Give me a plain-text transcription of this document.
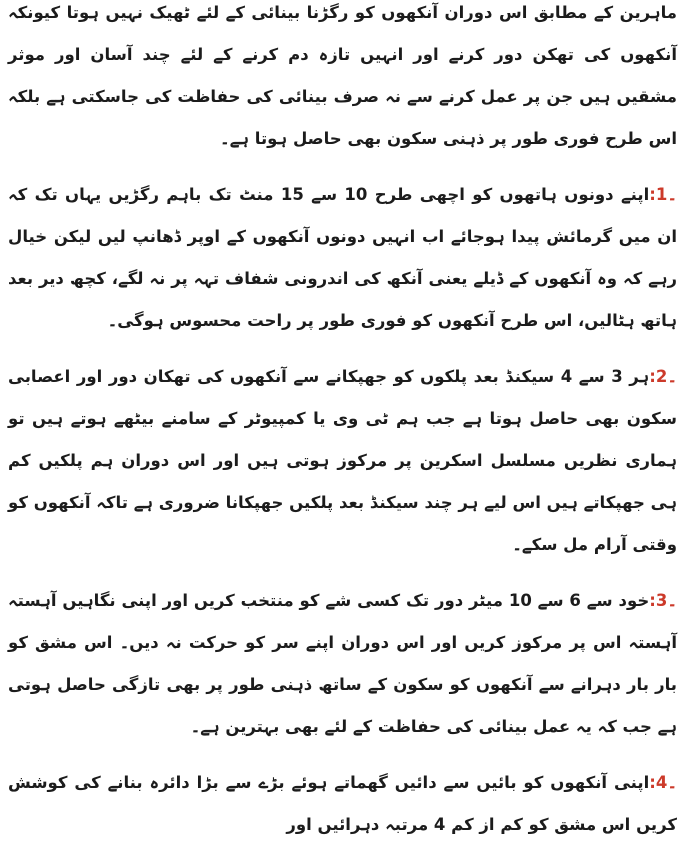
ماہرین کے مطابق اس دوران آنکھوں کو رگڑنا بینائی کے لئے ٹھیک نہیں ہوتا کیونکہ آنکھوں کی تھکن دور کرنے اور انہیں تازہ دم کرنے کے لئے چند آسان اور موثر مشقیں ہیں جن پر عمل کرنے سے نہ صرف بینائی کی حفاظت کی جاسکتی ہے بلکہ اس طرح فوری طور پر ذہنی سکون بھی حاصل ہوتا ہے۔

۔1:اپنے دونوں ہاتھوں کو اچھی طرح 10 سے 15 منٹ تک باہم رگڑیں یہاں تک کہ ان میں گرمائش پیدا ہوجائے اب انہیں دونوں آنکھوں کے اوپر ڈھانپ لیں لیکن خیال رہے کہ وہ آنکھوں کے ڈیلے یعنی آنکھ کی اندرونی شفاف تہہ پر نہ لگے، کچھ دیر بعد ہاتھ ہٹالیں، اس طرح آنکھوں کو فوری طور پر راحت محسوس ہوگی۔

۔2:ہر 3 سے 4 سیکنڈ بعد پلکوں کو جھپکانے سے آنکھوں کی تھکان دور اور اعصابی سکون بھی حاصل ہوتا ہے جب ہم ٹی وی یا کمپیوٹر کے سامنے بیٹھے ہوتے ہیں تو ہماری نظریں مسلسل اسکرین پر مرکوز ہوتی ہیں اور اس دوران ہم پلکیں کم ہی جھپکاتے ہیں اس لیے ہر چند سیکنڈ بعد پلکیں جھپکانا ضروری ہے تاکہ آنکھوں کو وقتی آرام مل سکے۔

۔3:خود سے 6 سے 10 میٹر دور تک کسی شے کو منتخب کریں اور اپنی نگاہیں آہستہ آہستہ اس پر مرکوز کریں اور اس دوران اپنے سر کو حرکت نہ دیں۔ اس مشق کو بار بار دہرانے سے آنکھوں کو سکون کے ساتھ ذہنی طور پر بھی تازگی حاصل ہوتی ہے جب کہ یہ عمل بینائی کی حفاظت کے لئے بھی بہترین ہے۔

۔4:اپنی آنکھوں کو بائیں سے دائیں گھماتے ہوئے بڑے سے بڑا دائرہ بنانے کی کوشش کریں اس مشق کو کم از کم 4 مرتبہ دہرائیں اور
